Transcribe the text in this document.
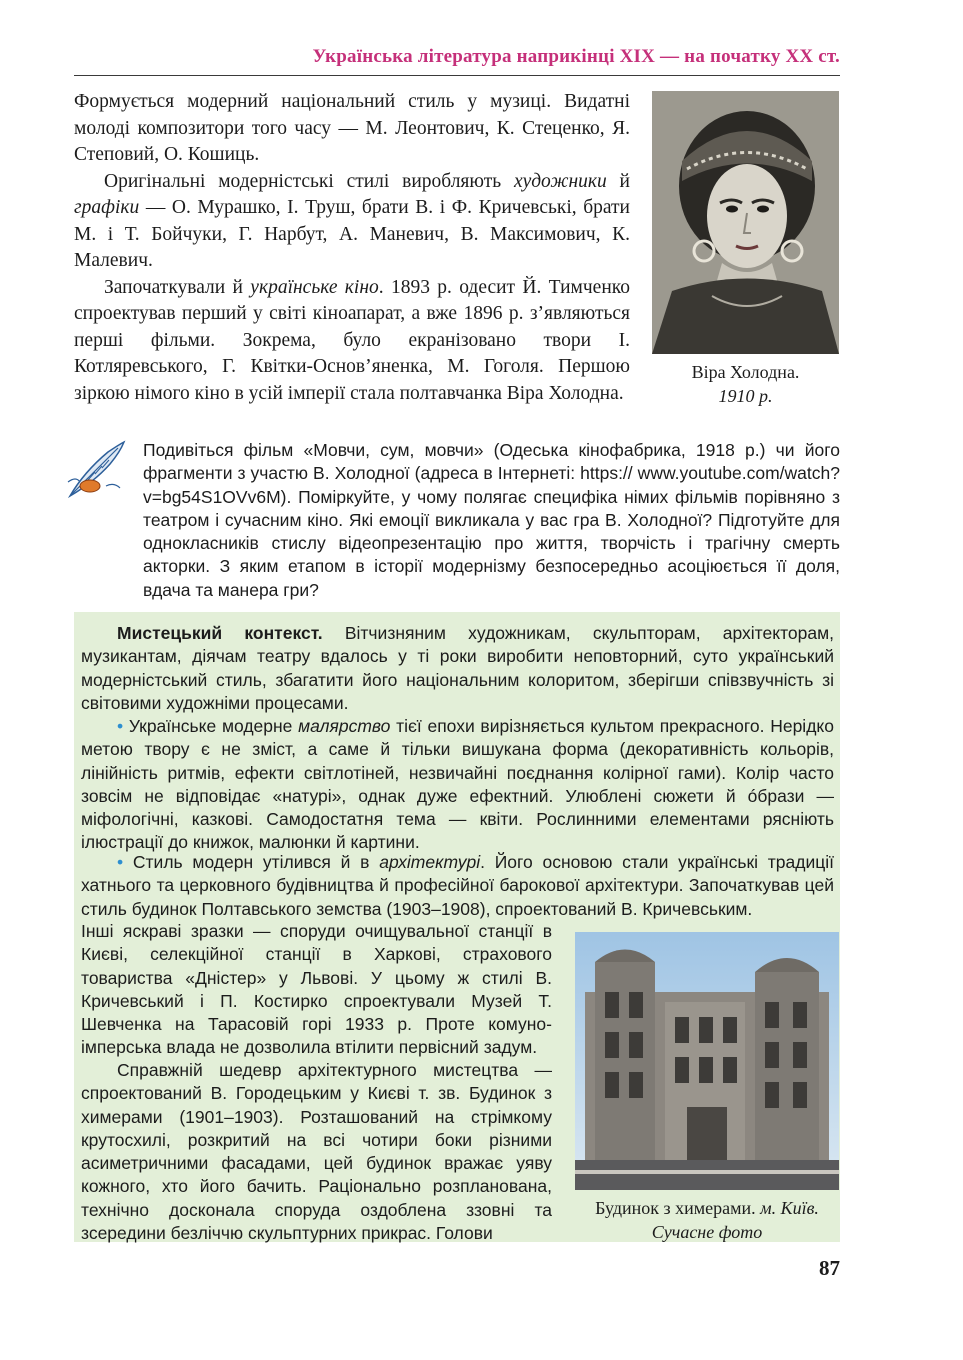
Українська література наприкінці XIX — на початку XX ст.

Формується модерний національний стиль у музиці. Видатні молоді композитори того часу — М. Леонтович, К. Стеценко, Я. Степовий, О. Кошиць.

Оригінальні модерністські стилі виробляють художники й графіки — О. Мурашко, І. Труш, брати В. і Ф. Кричевські, брати М. і Т. Бойчуки, Г. Нарбут, А. Маневич, В. Максимович, К. Малевич.

Започаткували й українське кіно. 1893 р. одесит Й. Тимченко спроектував перший у світі кіноапарат, а вже 1896 р. з’являються перші фільми. Зокрема, було екранізовано твори І. Котляревського, Г. Квітки-Основ’яненка, М. Гоголя. Першою зіркою німого кіно в усій імперії стала полтавчанка Віра Холодна.

Віра Холодна.
1910 р.

Подивіться фільм «Мовчи, сум, мовчи» (Одеська кінофабрика, 1918 р.) чи його фрагменти з участю В. Холодної (адреса в Інтернеті: https:// www.youtube.com/watch?v=bg54S1OVv6M). Поміркуйте, у чому полягає специфіка німих фільмів порівняно з театром і сучасним кіно. Які емоції викликала у вас гра В. Холодної? Підготуйте для однокласників стислу відеопрезентацію про життя, творчість і трагічну смерть акторки. З яким етапом в історії модернізму безпосередньо асоціюється її доля, вдача та манера гри?

Мистецький контекст. Вітчизняним художникам, скульпторам, архітекторам, музикантам, діячам театру вдалось у ті роки виробити неповторний, суто український модерністський стиль, збагатити його національним колоритом, зберігши співзвучність зі світовими художніми процесами.

• Українське модерне малярство тієї епохи вирізняється культом прекрасного. Нерідко метою твору є не зміст, а саме й тільки вишукана форма (декоративність кольорів, лінійність ритмів, ефекти світлотіней, незвичайні поєднання колірної гами). Колір часто зовсім не відповідає «натурі», однак дуже ефектний. Улюблені сюжети й óбрази — міфологічні, казкові. Самодостатня тема — квіти. Рослинними елементами рясніють ілюстрації до книжок, малюнки й картини.

• Стиль модерн утілився й в архітектурі. Його основою стали українські традиції хатнього та церковного будівництва й професійної барокової архітектури. Започаткував цей стиль будинок Полтавського земства (1903–1908), спроектований В. Кричевським.

Інші яскраві зразки — споруди очищувальної станції в Києві, селекційної станції в Харкові, страхового товариства «Дністер» у Львові. У цьому ж стилі В. Кричевський і П. Костирко спроектували Музей Т. Шевченка на Тарасовій горі 1933 р. Проте комуно-імперська влада не дозволила втілити первісний задум.

Справжній шедевр архітектурного мистецтва — спроектований В. Городецьким у Києві т. зв. Будинок з химерами (1901–1903). Розташований на стрімкому крутосхилі, розкритий на всі чотири боки різними асиметричними фасадами, цей будинок вражає уяву кожного, хто його бачить. Раціонально розпланована, технічно досконала споруда оздоблена ззовні та зсередини безліччю скульптурних прикрас. Голови

Будинок з химерами. м. Київ.
Сучасне фото
87
